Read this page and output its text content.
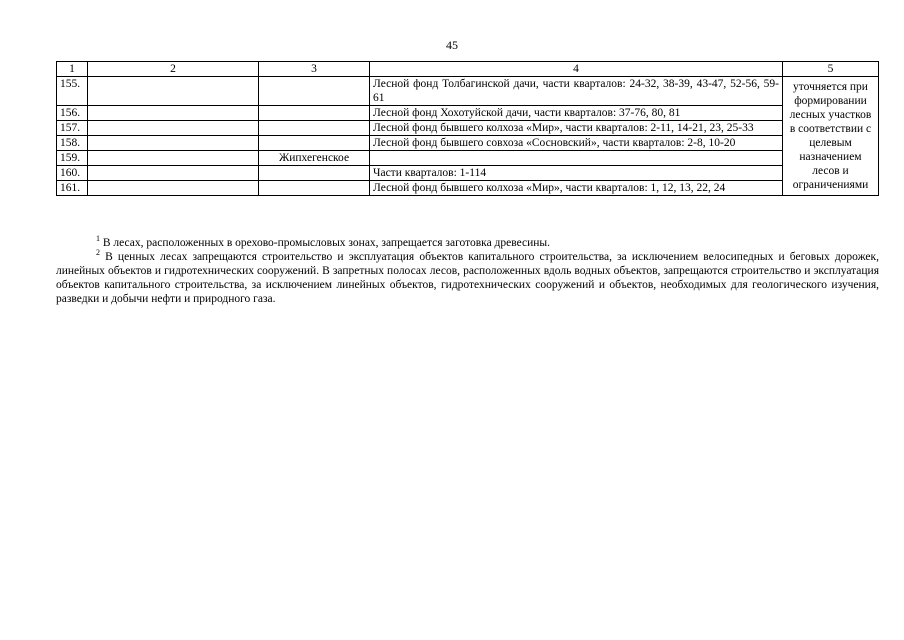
45
1	2	3	4	5
155.			Лесной фонд Толбагинской дачи, части кварталов: 24-32, 38-39, 43-47, 52-56, 59-61	уточняется при формировании лесных участков в соответствии с целевым назначением лесов и ограничениями
156.			Лесной фонд Хохотуйской дачи, части кварталов: 37-76, 80, 81	
157.			Лесной фонд бывшего колхоза «Мир», части кварталов: 2-11, 14-21, 23, 25-33	
158.			Лесной фонд бывшего совхоза «Сосновский», части кварталов: 2-8, 10-20	
159.		Жипхегенское		
160.			Части кварталов: 1-114	
161.			Лесной фонд бывшего колхоза «Мир», части кварталов: 1, 12, 13, 22, 24	

$^1$ В лесах, расположенных в орехово-промысловых зонах, запрещается заготовка древесины.

$^2$ В ценных лесах запрещаются строительство и эксплуатация объектов капитального строительства, за исключением велосипедных и беговых дорожек, линейных объектов и гидротехнических сооружений. В запретных полосах лесов, расположенных вдоль водных объектов, запрещаются строительство и эксплуатация объектов капитального строительства, за исключением линейных объектов, гидротехнических сооружений и объектов, необходимых для геологического изучения, разведки и добычи нефти и природного газа.
